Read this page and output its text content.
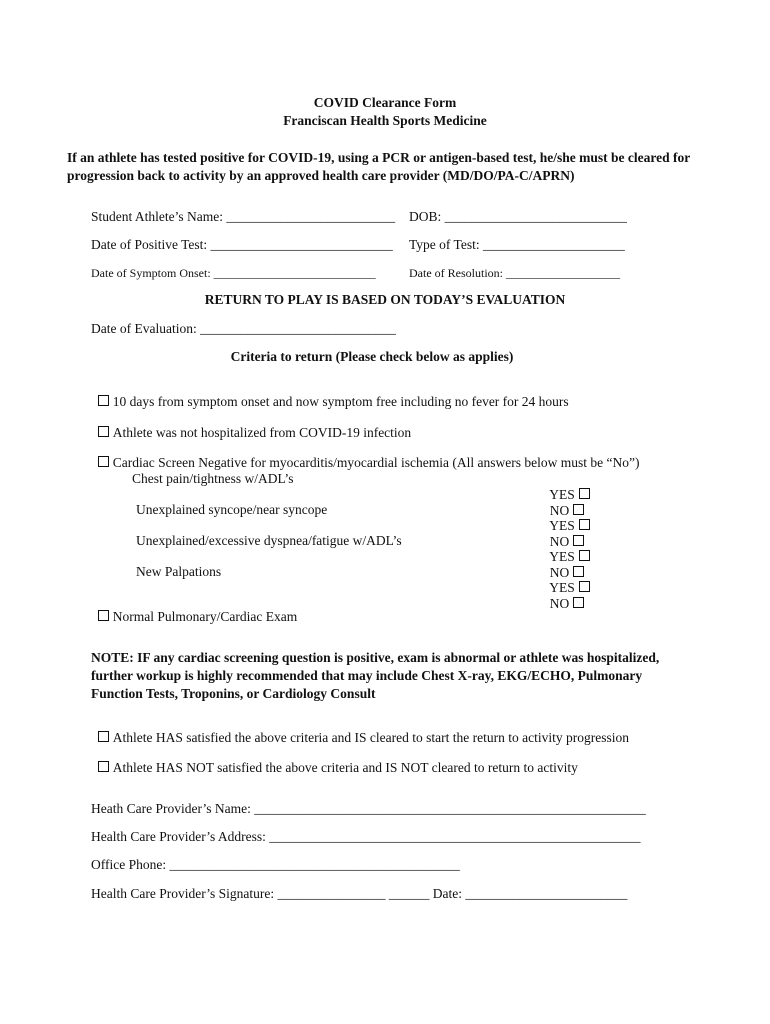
COVID Clearance Form
Franciscan Health Sports Medicine
If an athlete has tested positive for COVID-19, using a PCR or antigen-based test, he/she must be cleared for progression back to activity by an approved health care provider (MD/DO/PA-C/APRN)
Student Athlete’s Name: _________________________ DOB: ___________________________
Date of Positive Test: ___________________________ Type of Test: _____________________
Date of Symptom Onset: ___________________________	Date of Resolution: ___________________
RETURN TO PLAY IS BASED ON TODAY’S EVALUATION
Date of Evaluation: _____________________________
Criteria to return (Please check below as applies)

10 days from symptom onset and now symptom free including no fever for 24 hours

Athlete was not hospitalized from COVID-19 infection

Cardiac Screen Negative for myocarditis/myocardial ischemia (All answers below must be “No”)

Chest pain/tightness w/ADL’s

YES
NO

Unexplained syncope/near syncope

YES
NO

Unexplained/excessive dyspnea/fatigue w/ADL’s

YES
NO

New Palpations

YES
NO

Normal Pulmonary/Cardiac Exam

NOTE: IF any cardiac screening question is positive, exam is abnormal or athlete was hospitalized, further workup is highly recommended that may include Chest X-ray, EKG/ECHO, Pulmonary Function Tests, Troponins, or Cardiology Consult

Athlete HAS satisfied the above criteria and IS cleared to start the return to activity progression

Athlete HAS NOT satisfied the above criteria and IS NOT cleared to return to activity

Heath Care Provider’s Name: __________________________________________________________
Health Care Provider’s Address: _______________________________________________________
Office Phone: ___________________________________________
Health Care Provider’s Signature: ________________ ______ Date: ________________________
